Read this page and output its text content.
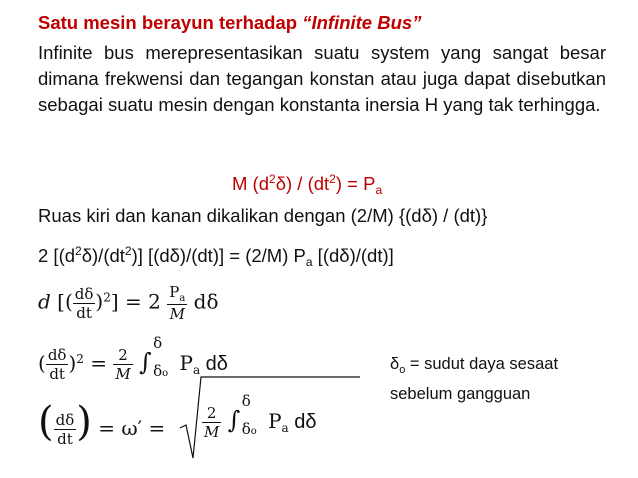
Satu mesin berayun terhadap “Infinite Bus”
Infinite bus merepresentasikan suatu system yang sangat besar dimana frekwensi dan tegangan konstan atau juga dapat disebutkan sebagai suatu mesin dengan konstanta inersia H yang tak terhingga.
M $(d^2\delta) / (dt^2) = P_a$
Ruas kiri dan kanan dikalikan dengan (2/M) {(dδ) / (dt)}
2 $[(d^2\delta)/(dt^2)] [(d\delta)/(dt)] = (2/M)$ $P_a$ [(dδ)/(dt)]
d [( $\frac{d\delta}{dt} )^2] = 2 \frac{P_a}{M}$ dδ
( $\frac{d\delta}{dt} )^2 = \frac{2}{M}$ ∫
δ
δo $P_a$ dδ
( $\frac{d\delta}{dt}$ ) = $\omega' = \frac{2}{M}$ ∫
δ
δo $P_a$ dδ
$\delta_o$ = sudut daya sesaat
sebelum gangguan
